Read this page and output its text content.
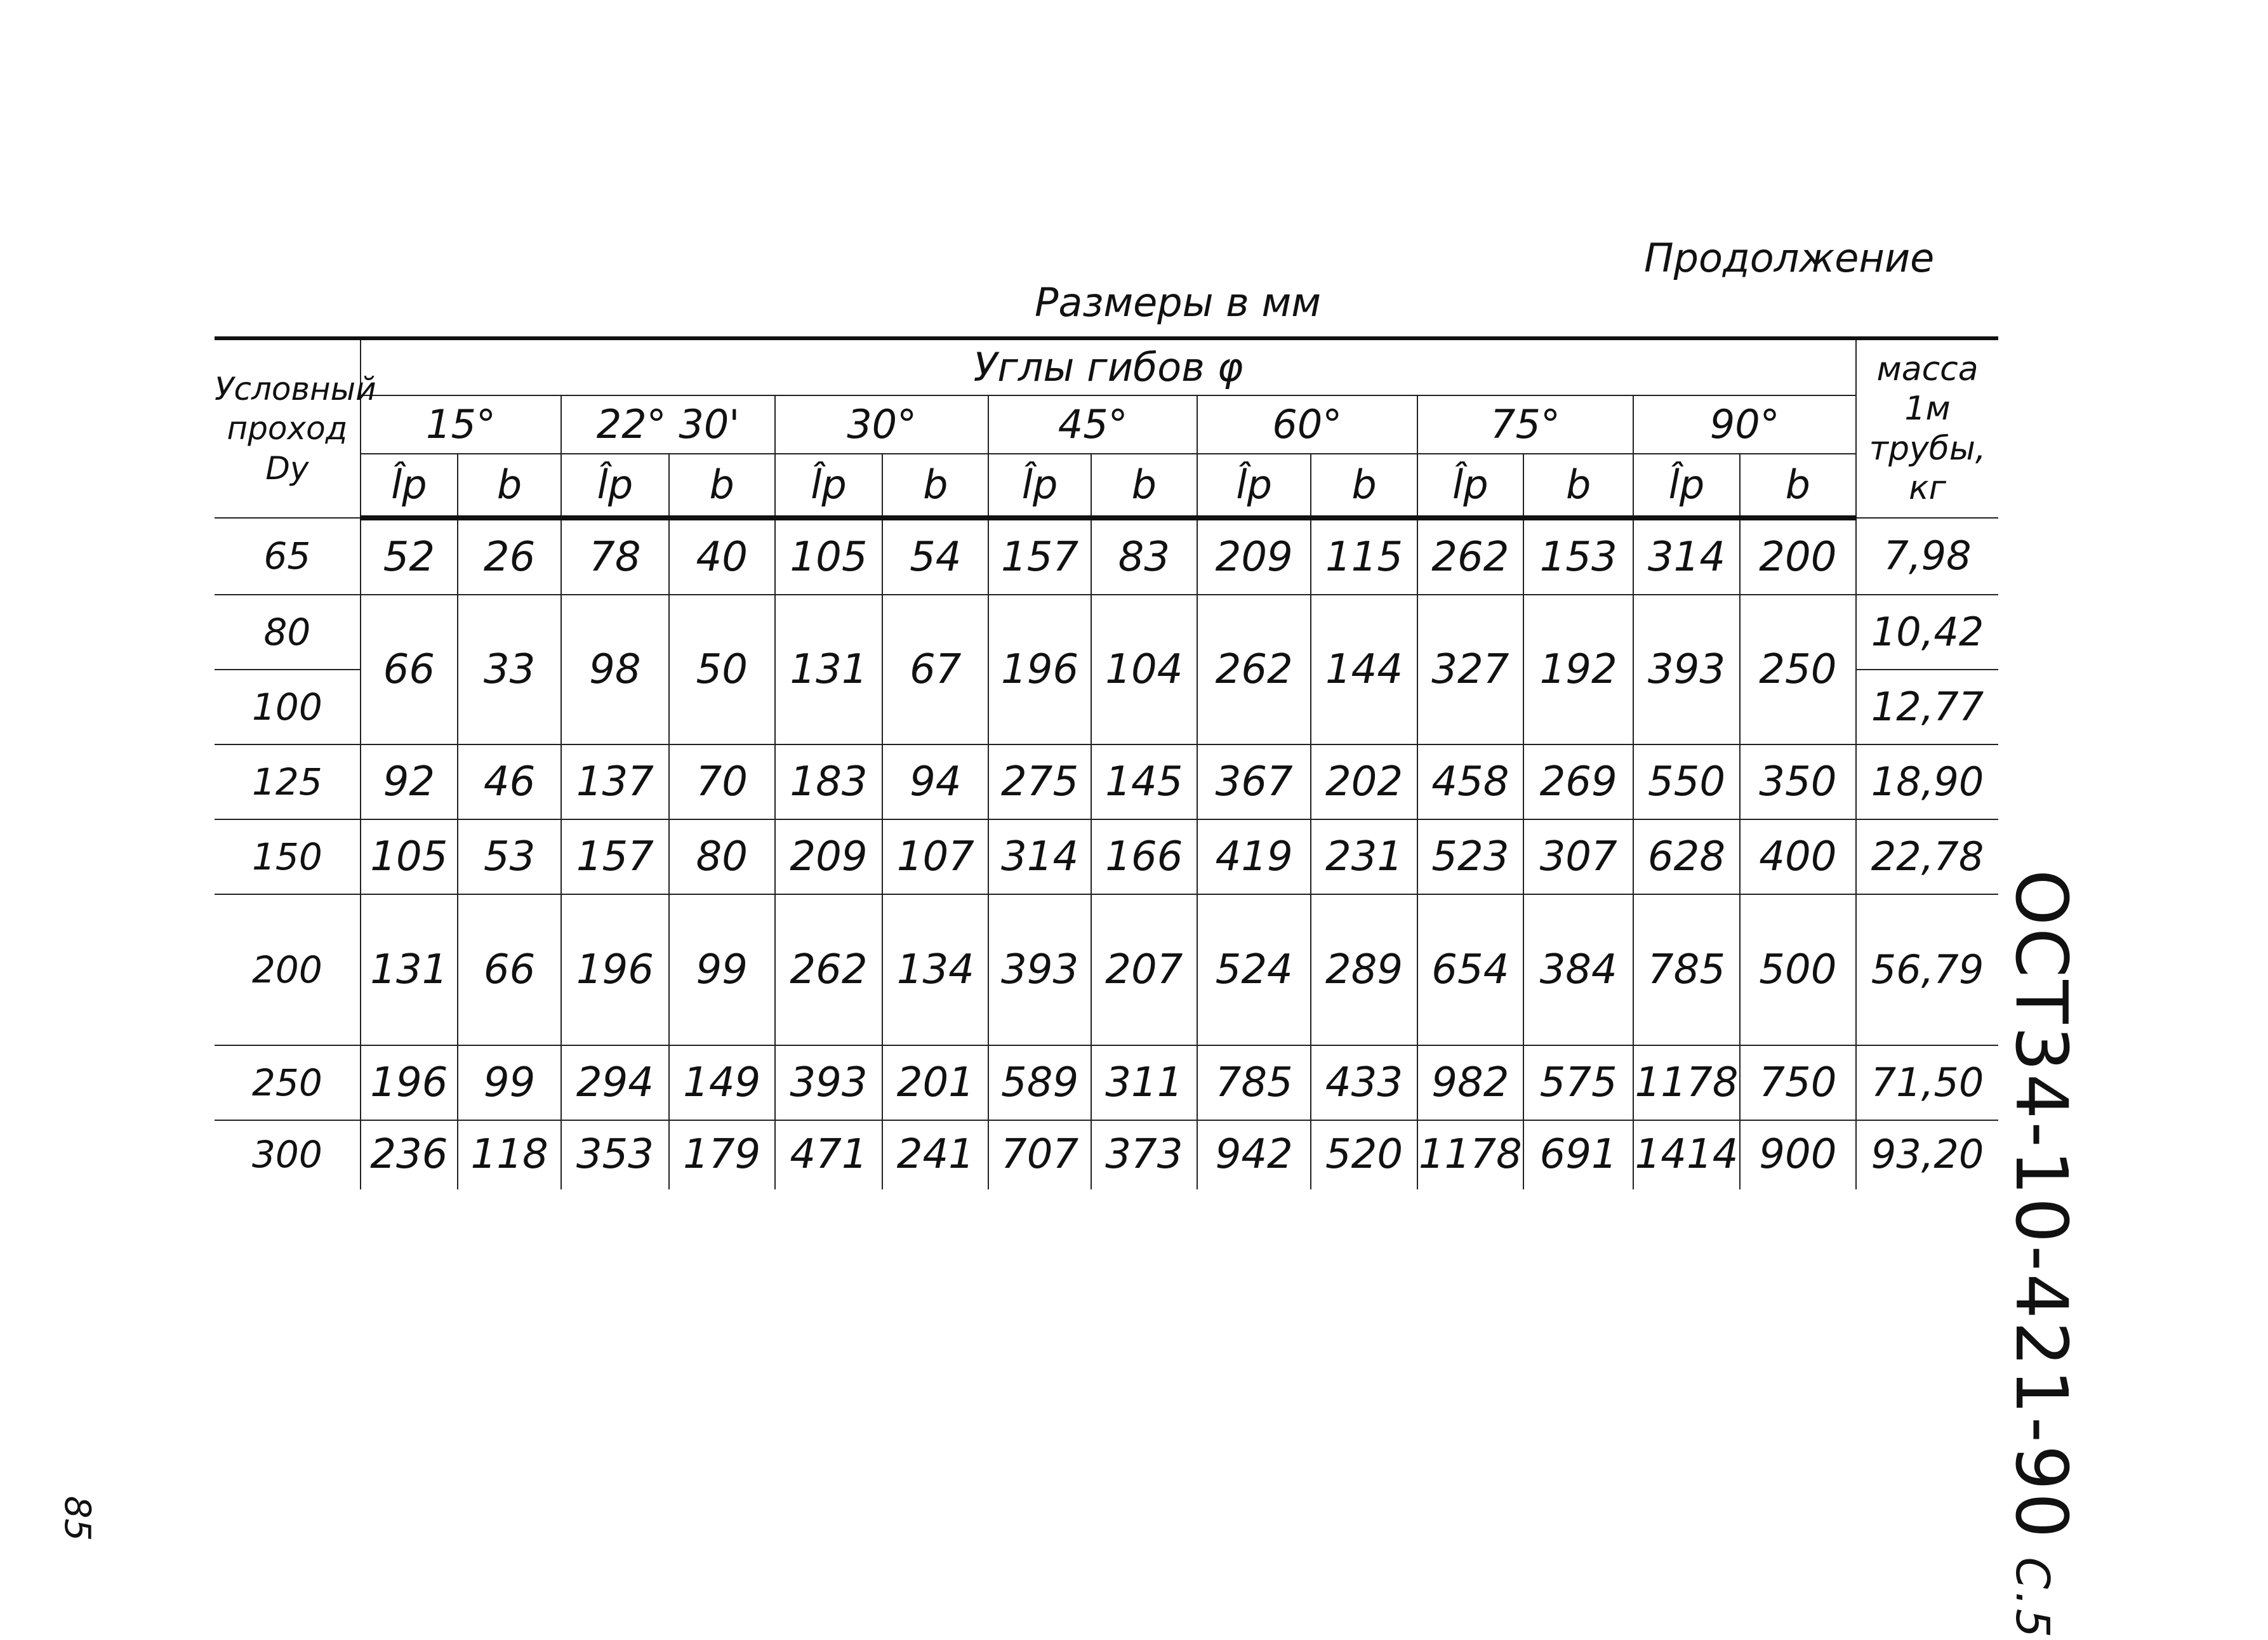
Продолжение
Размеры в мм
Условный проход Dy	Углы гибов φ														масса 1м трубы, кг
	15°		22° 30'		30°		45°		60°		75°		90°		
	l̂р	b	l̂р	b	l̂р	b	l̂р	b	l̂р	b	l̂р	b	l̂р	b	
65	52	26	78	40	105	54	157	83	209	115	262	153	314	200	7,98
80	66	33	98	50	131	67	196	104	262	144	327	192	393	250	10,42
100															12,77
125	92	46	137	70	183	94	275	145	367	202	458	269	550	350	18,90
150	105	53	157	80	209	107	314	166	419	231	523	307	628	400	22,78
200	131	66	196	99	262	134	393	207	524	289	654	384	785	500	56,79
250	196	99	294	149	393	201	589	311	785	433	982	575	1178	750	71,50
300	236	118	353	179	471	241	707	373	942	520	1178	691	1414	900	93,20 ОСТ34-10-421-90С.5
85
